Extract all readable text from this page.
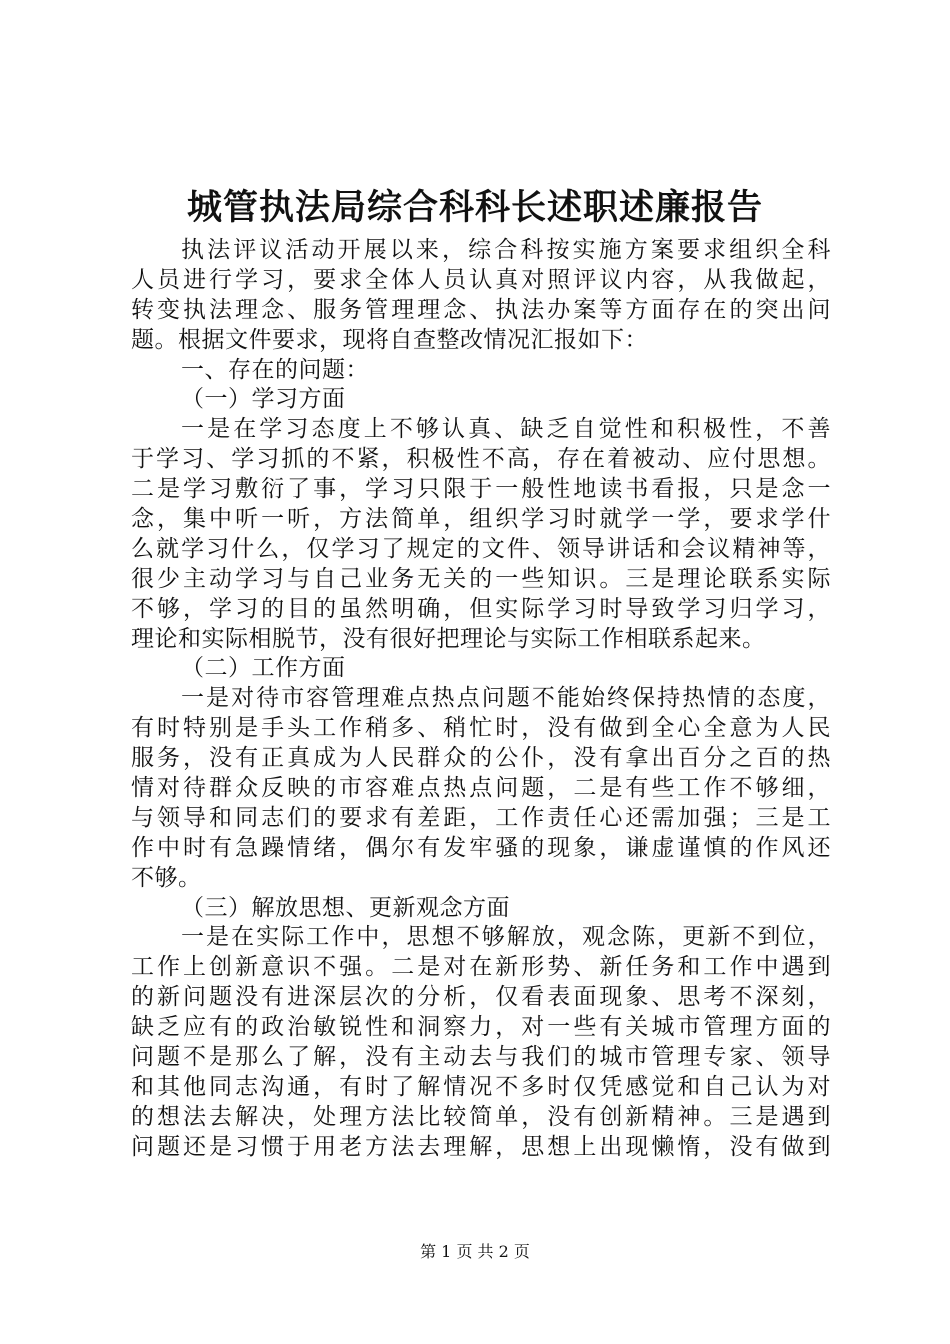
城管执法局综合科科长述职述廉报告
执法评议活动开展以来，综合科按实施方案要求组织全科
人员进行学习，要求全体人员认真对照评议内容，从我做起，
转变执法理念、服务管理理念、执法办案等方面存在的突出问
题。根据文件要求，现将自查整改情况汇报如下：
一、存在的问题：
（一）学习方面
一是在学习态度上不够认真、缺乏自觉性和积极性，不善
于学习、学习抓的不紧，积极性不高，存在着被动、应付思想。
二是学习敷衍了事，学习只限于一般性地读书看报，只是念一
念，集中听一听，方法简单，组织学习时就学一学，要求学什
么就学习什么，仅学习了规定的文件、领导讲话和会议精神等，
很少主动学习与自己业务无关的一些知识。三是理论联系实际
不够，学习的目的虽然明确，但实际学习时导致学习归学习，
理论和实际相脱节，没有很好把理论与实际工作相联系起来。
（二）工作方面
一是对待市容管理难点热点问题不能始终保持热情的态度，
有时特别是手头工作稍多、稍忙时，没有做到全心全意为人民
服务，没有正真成为人民群众的公仆，没有拿出百分之百的热
情对待群众反映的市容难点热点问题，二是有些工作不够细，
与领导和同志们的要求有差距，工作责任心还需加强；三是工
作中时有急躁情绪，偶尔有发牢骚的现象，谦虚谨慎的作风还
不够。
（三）解放思想、更新观念方面
一是在实际工作中，思想不够解放，观念陈，更新不到位，
工作上创新意识不强。二是对在新形势、新任务和工作中遇到
的新问题没有进深层次的分析，仅看表面现象、思考不深刻，
缺乏应有的政治敏锐性和洞察力，对一些有关城市管理方面的
问题不是那么了解，没有主动去与我们的城市管理专家、领导
和其他同志沟通，有时了解情况不多时仅凭感觉和自己认为对
的想法去解决，处理方法比较简单，没有创新精神。三是遇到
问题还是习惯于用老方法去理解，思想上出现懒惰，没有做到
第 1 页 共 2 页
